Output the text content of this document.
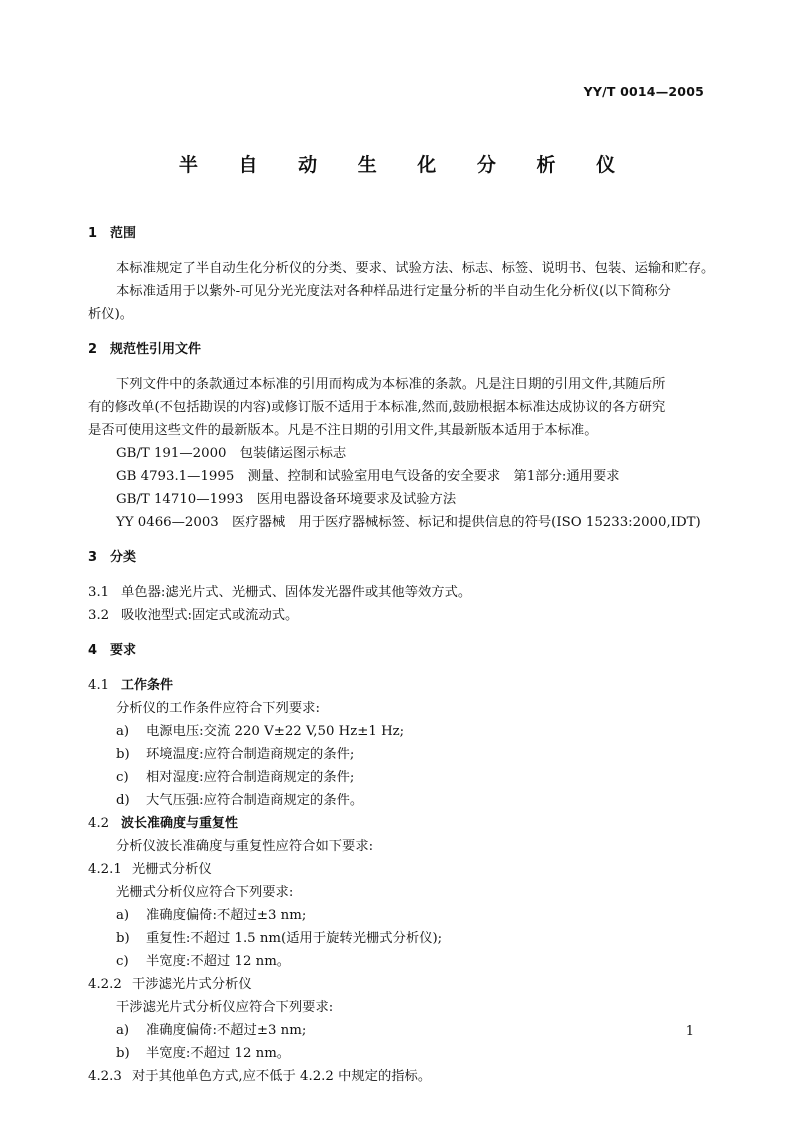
YY/T 0014—2005
半 自 动 生 化 分 析 仪
1 范围
本标准规定了半自动生化分析仪的分类、要求、试验方法、标志、标签、说明书、包装、运输和贮存。
本标准适用于以紫外-可见分光光度法对各种样品进行定量分析的半自动生化分析仪(以下简称分
析仪)。
2 规范性引用文件
下列文件中的条款通过本标准的引用而构成为本标准的条款。凡是注日期的引用文件,其随后所
有的修改单(不包括勘误的内容)或修订版不适用于本标准,然而,鼓励根据本标准达成协议的各方研究
是否可使用这些文件的最新版本。凡是不注日期的引用文件,其最新版本适用于本标准。
GB/T 191—2000　包装储运图示标志
GB 4793.1—1995　测量、控制和试验室用电气设备的安全要求　第1部分:通用要求
GB/T 14710—1993　医用电器设备环境要求及试验方法
YY 0466—2003　医疗器械　用于医疗器械标签、标记和提供信息的符号(ISO 15233:2000,IDT)
3 分类
3.1 单色器:滤光片式、光栅式、固体发光器件或其他等效方式。
3.2 吸收池型式:固定式或流动式。
4 要求
4.1 工作条件
分析仪的工作条件应符合下列要求:
a) 电源电压:交流 220 V±22 V,50 Hz±1 Hz;
b) 环境温度:应符合制造商规定的条件;
c) 相对湿度:应符合制造商规定的条件;
d) 大气压强:应符合制造商规定的条件。
4.2 波长准确度与重复性
分析仪波长准确度与重复性应符合如下要求:
4.2.1 光栅式分析仪
光栅式分析仪应符合下列要求:
a) 准确度偏倚:不超过±3 nm;
b) 重复性:不超过 1.5 nm(适用于旋转光栅式分析仪);
c) 半宽度:不超过 12 nm。
4.2.2 干涉滤光片式分析仪
干涉滤光片式分析仪应符合下列要求:
a) 准确度偏倚:不超过±3 nm;
b) 半宽度:不超过 12 nm。
4.2.3 对于其他单色方式,应不低于 4.2.2 中规定的指标。
1
